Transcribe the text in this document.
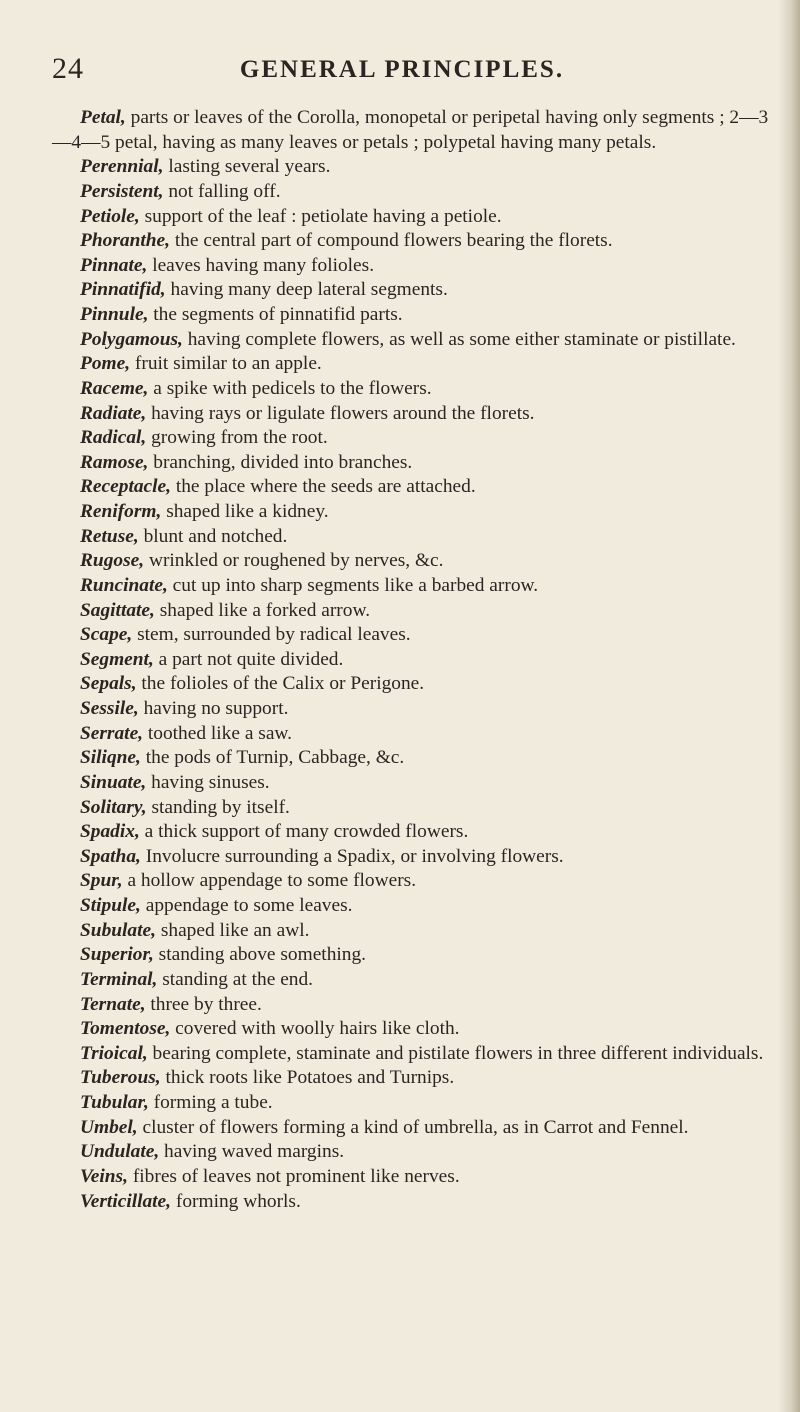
24	GENERAL PRINCIPLES.

Petal, parts or leaves of the Corolla, monopetal or peripetal having only segments ; 2—3—4—5 petal, having as many leaves or petals ; polypetal having many petals.

Perennial, lasting several years.

Persistent, not falling off.

Petiole, support of the leaf : petiolate having a petiole.

Phoranthe, the central part of compound flowers bearing the florets.

Pinnate, leaves having many folioles.

Pinnatifid, having many deep lateral segments.

Pinnule, the segments of pinnatifid parts.

Polygamous, having complete flowers, as well as some either staminate or pistillate.

Pome, fruit similar to an apple.

Raceme, a spike with pedicels to the flowers.

Radiate, having rays or ligulate flowers around the florets.

Radical, growing from the root.

Ramose, branching, divided into branches.

Receptacle, the place where the seeds are attached.

Reniform, shaped like a kidney.

Retuse, blunt and notched.

Rugose, wrinkled or roughened by nerves, &c.

Runcinate, cut up into sharp segments like a barbed arrow.

Sagittate, shaped like a forked arrow.

Scape, stem, surrounded by radical leaves.

Segment, a part not quite divided.

Sepals, the folioles of the Calix or Perigone.

Sessile, having no support.

Serrate, toothed like a saw.

Siliqne, the pods of Turnip, Cabbage, &c.

Sinuate, having sinuses.

Solitary, standing by itself.

Spadix, a thick support of many crowded flowers.

Spatha, Involucre surrounding a Spadix, or involving flowers.

Spur, a hollow appendage to some flowers.

Stipule, appendage to some leaves.

Subulate, shaped like an awl.

Superior, standing above something.

Terminal, standing at the end.

Ternate, three by three.

Tomentose, covered with woolly hairs like cloth.

Trioical, bearing complete, staminate and pistilate flowers in three different individuals.

Tuberous, thick roots like Potatoes and Turnips.

Tubular, forming a tube.

Umbel, cluster of flowers forming a kind of umbrella, as in Carrot and Fennel.

Undulate, having waved margins.

Veins, fibres of leaves not prominent like nerves.

Verticillate, forming whorls.
